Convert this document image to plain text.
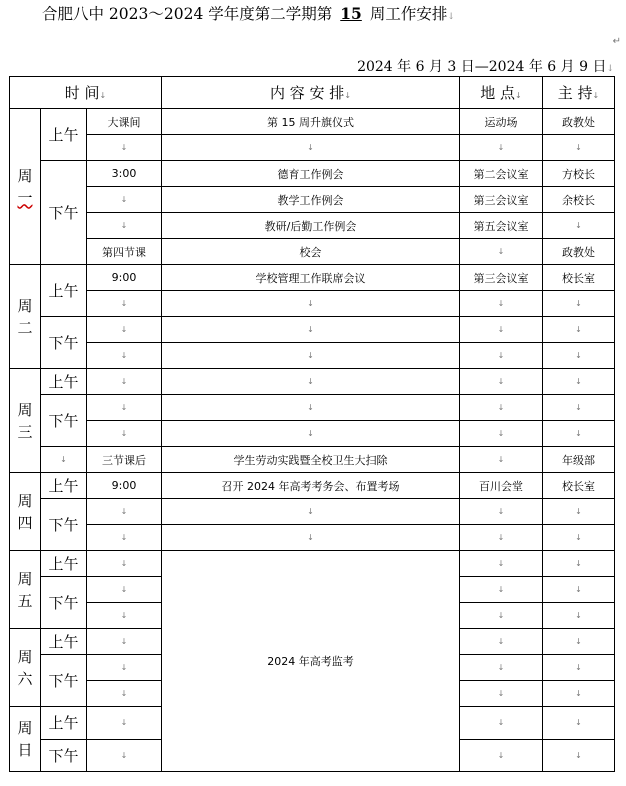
合肥八中 2023～2024 学年度第二学期第 15 周工作安排↓
↵
2024 年 6 月 3 日—2024 年 6 月 9 日↓
时 间↓			内 容 安 排↓	地 点↓	主 持↓	
周
一	上午	大课间	第 15 周升旗仪式	运动场	政教处	
		↓	↓	↓	↓	
	下午	3:00	德育工作例会	第二会议室	方校长	
		↓	教学工作例会	第三会议室	余校长	
		↓	教研/后勤工作例会	第五会议室	↓	
		第四节课	校会	↓	政教处	
周
二	上午	9:00	学校管理工作联席会议	第三会议室	校长室	
		↓	↓	↓	↓	
	下午	↓	↓	↓	↓	
		↓	↓	↓	↓	
周
三	上午	↓	↓	↓	↓	
	下午	↓	↓	↓	↓	
		↓	↓	↓	↓	
	↓	三节课后	学生劳动实践暨全校卫生大扫除	↓	年级部	
周
四	上午	9:00	召开 2024 年高考考务会、布置考场	百川会堂	校长室	
	下午	↓	↓	↓	↓	
		↓	↓	↓	↓	
周
五	上午	↓	2024 年高考监考	↓	↓	
	下午	↓		↓	↓	
		↓		↓	↓	
周
六	上午	↓		↓	↓	
	下午	↓		↓	↓	
		↓		↓	↓	
周
日	上午	↓		↓	↓	
	下午	↓		↓	↓	
